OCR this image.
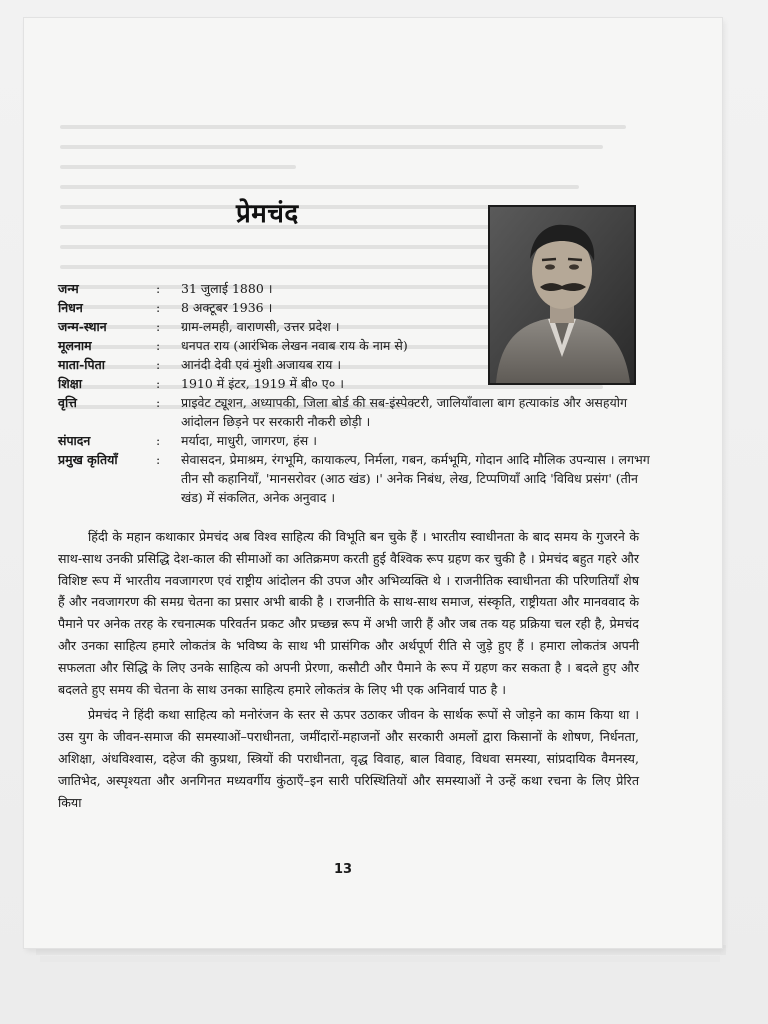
प्रेमचंद
जन्म	: 31 जुलाई 1880 ।
निधन	: 8 अक्टूबर 1936 ।
जन्म-स्थान	: ग्राम-लमही, वाराणसी, उत्तर प्रदेश ।
मूलनाम	: धनपत राय (आरंभिक लेखन नवाब राय के नाम से)
माता-पिता	: आनंदी देवी एवं मुंशी अजायब राय ।
शिक्षा	: 1910 में इंटर, 1919 में बी० ए० ।
वृत्ति	: प्राइवेट ट्यूशन, अध्यापकी, जिला बोर्ड की सब-इंस्पेक्टरी, जालियाँवाला बाग हत्याकांड और असहयोग आंदोलन छिड़ने पर सरकारी नौकरी छोड़ी ।
संपादन	: मर्यादा, माधुरी, जागरण, हंस ।
प्रमुख कृतियाँ	: सेवासदन, प्रेमाश्रम, रंगभूमि, कायाकल्प, निर्मला, गबन, कर्मभूमि, गोदान आदि मौलिक उपन्यास । लगभग तीन सौ कहानियाँ, 'मानसरोवर (आठ खंड) ।' अनेक निबंध, लेख, टिप्पणियाँ आदि 'विविध प्रसंग' (तीन खंड) में संकलित, अनेक अनुवाद ।

हिंदी के महान कथाकार प्रेमचंद अब विश्व साहित्य की विभूति बन चुके हैं । भारतीय स्वाधीनता के बाद समय के गुजरने के साथ-साथ उनकी प्रसिद्धि देश-काल की सीमाओं का अतिक्रमण करती हुई वैश्विक रूप ग्रहण कर चुकी है । प्रेमचंद बहुत गहरे और विशिष्ट रूप में भारतीय नवजागरण एवं राष्ट्रीय आंदोलन की उपज और अभिव्यक्ति थे । राजनीतिक स्वाधीनता की परिणतियाँ शेष हैं और नवजागरण की समग्र चेतना का प्रसार अभी बाकी है । राजनीति के साथ-साथ समाज, संस्कृति, राष्ट्रीयता और मानववाद के पैमाने पर अनेक तरह के रचनात्मक परिवर्तन प्रकट और प्रच्छन्न रूप में अभी जारी हैं और जब तक यह प्रक्रिया चल रही है, प्रेमचंद और उनका साहित्य हमारे लोकतंत्र के भविष्य के साथ भी प्रासंगिक और अर्थपूर्ण रीति से जुड़े हुए हैं । हमारा लोकतंत्र अपनी सफलता और सिद्धि के लिए उनके साहित्य को अपनी प्रेरणा, कसौटी और पैमाने के रूप में ग्रहण कर सकता है । बदले हुए और बदलते हुए समय की चेतना के साथ उनका साहित्य हमारे लोकतंत्र के लिए भी एक अनिवार्य पाठ है ।

प्रेमचंद ने हिंदी कथा साहित्य को मनोरंजन के स्तर से ऊपर उठाकर जीवन के सार्थक रूपों से जोड़ने का काम किया था । उस युग के जीवन-समाज की समस्याओं–पराधीनता, जमींदारों-महाजनों और सरकारी अमलों द्वारा किसानों के शोषण, निर्धनता, अशिक्षा, अंधविश्वास, दहेज की कुप्रथा, स्त्रियों की पराधीनता, वृद्ध विवाह, बाल विवाह, विधवा समस्या, सांप्रदायिक वैमनस्य, जातिभेद, अस्पृश्यता और अनगिनत मध्यवर्गीय कुंठाएँ–इन सारी परिस्थितियों और समस्याओं ने उन्हें कथा रचना के लिए प्रेरित किया

13
